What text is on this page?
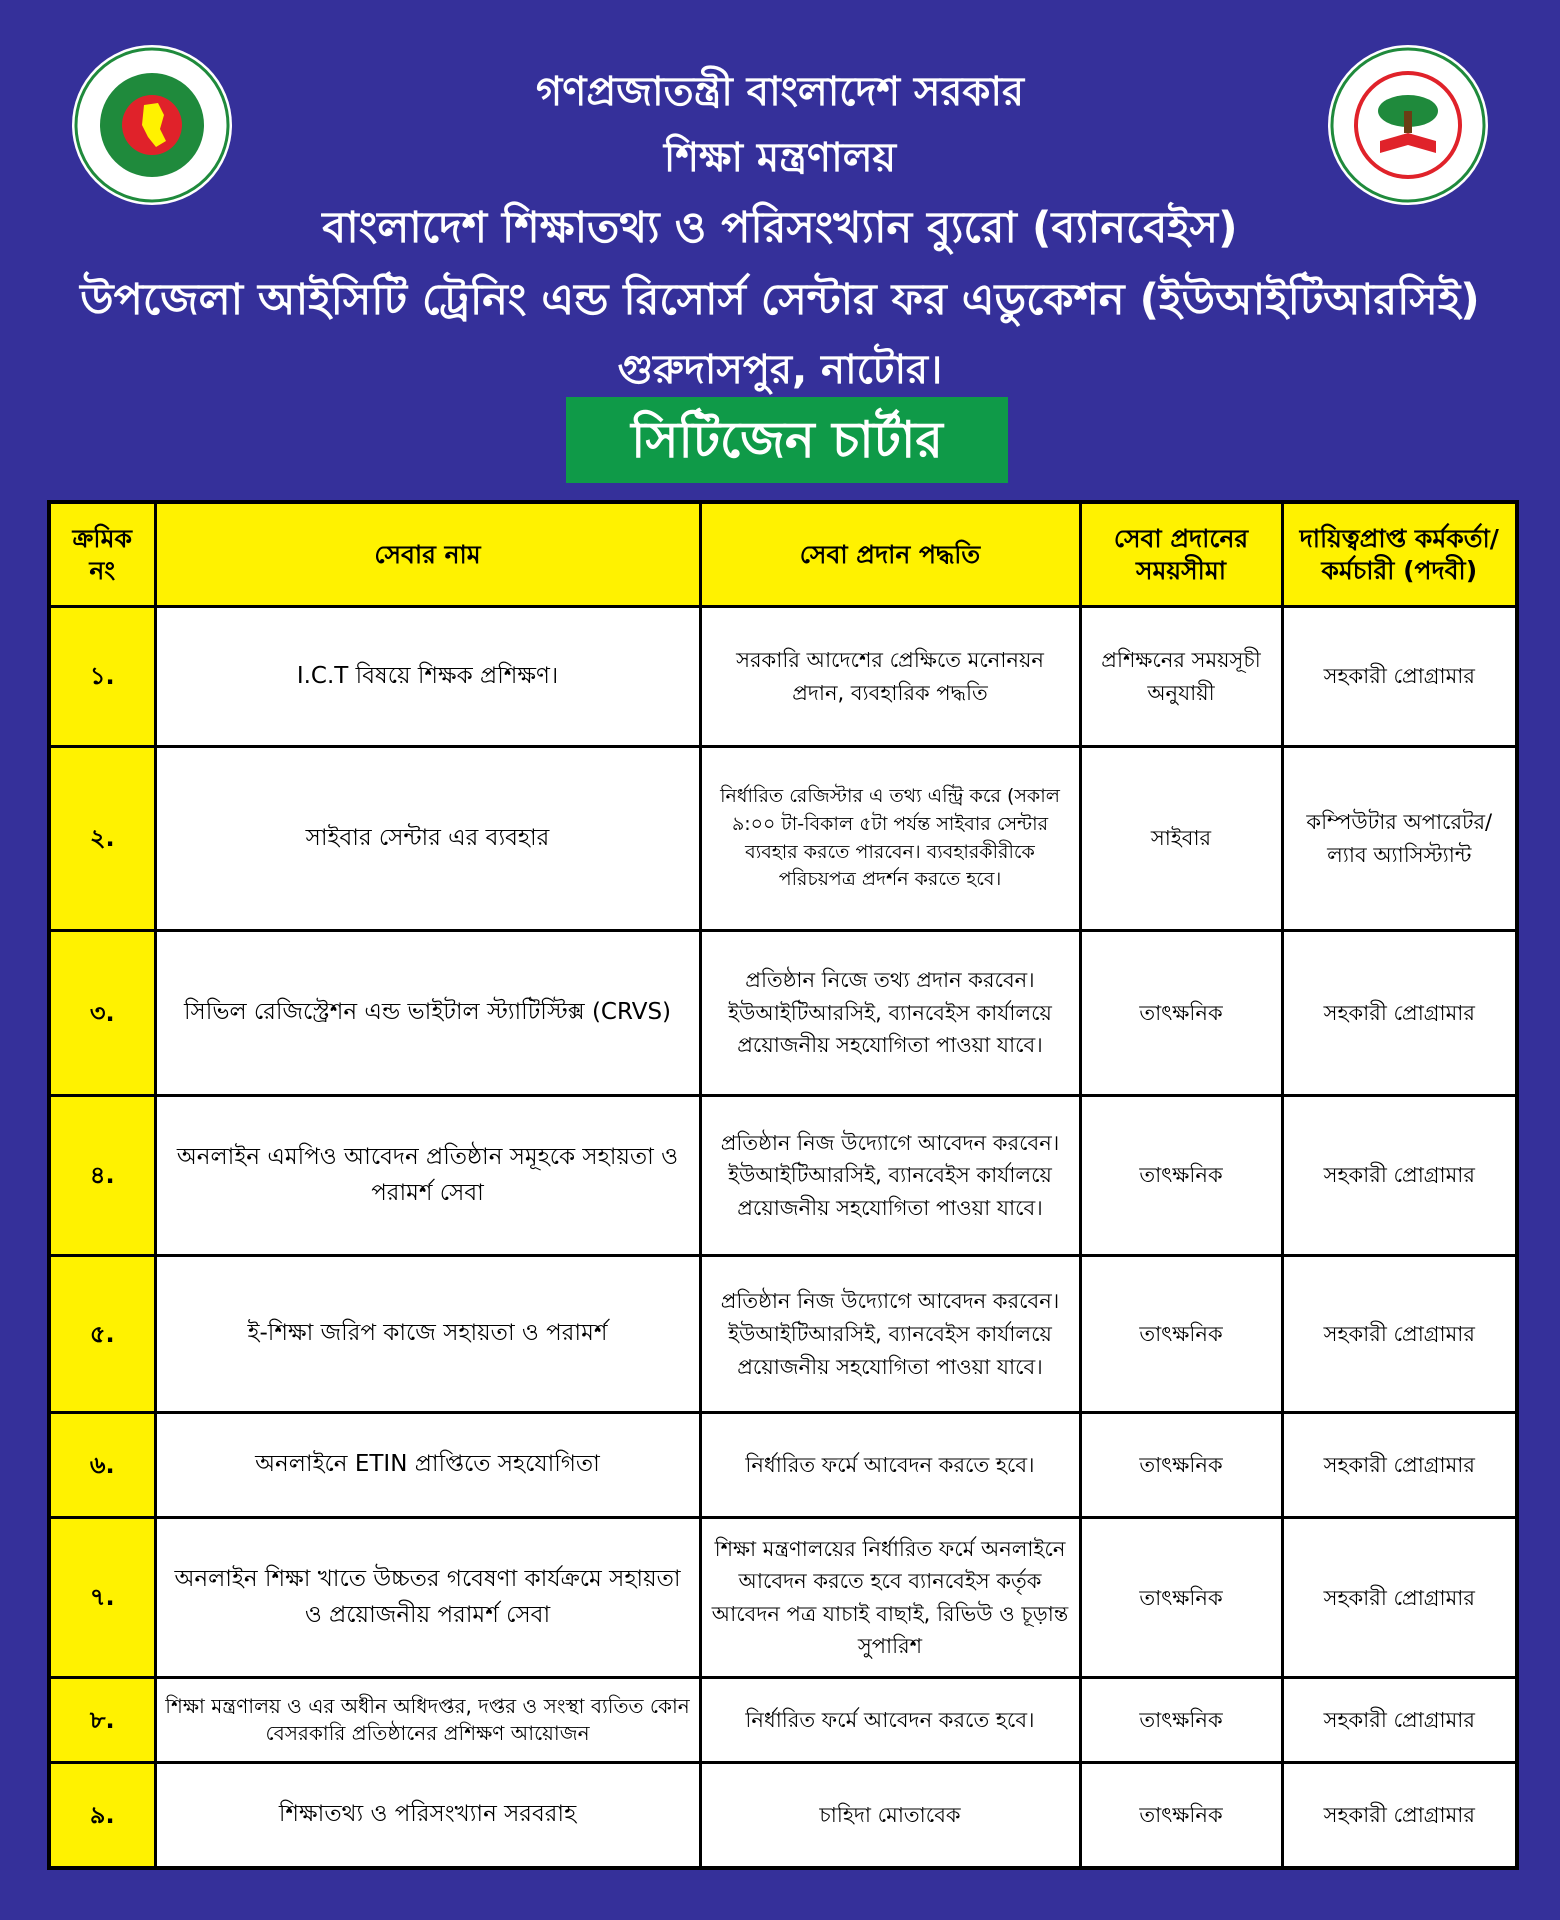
গণপ্রজাতন্ত্রী বাংলাদেশ সরকার
শিক্ষা মন্ত্রণালয়
বাংলাদেশ শিক্ষাতথ্য ও পরিসংখ্যান ব্যুরো (ব্যানবেইস)
উপজেলা আইসিটি ট্রেনিং এন্ড রিসোর্স সেন্টার ফর এডুকেশন (ইউআইটিআরসিই)
গুরুদাসপুর, নাটোর।
সিটিজেন চার্টার
ক্রমিক নং	সেবার নাম	সেবা প্রদান পদ্ধতি	সেবা প্রদানের সময়সীমা	দায়িত্বপ্রাপ্ত কর্মকর্তা/ কর্মচারী (পদবী)
১.	I.C.T বিষয়ে শিক্ষক প্রশিক্ষণ।	সরকারি আদেশের প্রেক্ষিতে মনোনয়ন প্রদান, ব্যবহারিক পদ্ধতি	প্রশিক্ষনের সময়সূচী অনুযায়ী	সহকারী প্রোগ্রামার
২.	সাইবার সেন্টার এর ব্যবহার	নির্ধারিত রেজিস্টার এ তথ্য এন্ট্রি করে (সকাল ৯:০০ টা-বিকাল ৫টা পর্যন্ত সাইবার সেন্টার ব্যবহার করতে পারবেন। ব্যবহারকীরীকে পরিচয়পত্র প্রদর্শন করতে হবে।	সাইবার	কম্পিউটার অপারেটর/ল্যাব অ্যাসিস্ট্যান্ট
৩.	সিভিল রেজিস্ট্রেশন এন্ড ভাইটাল স্ট্যাটিস্টিক্স (CRVS)	প্রতিষ্ঠান নিজে তথ্য প্রদান করবেন। ইউআইটিআরসিই, ব্যানবেইস কার্যালয়ে প্রয়োজনীয় সহযোগিতা পাওয়া যাবে।	তাৎক্ষনিক	সহকারী প্রোগ্রামার
৪.	অনলাইন এমপিও আবেদন প্রতিষ্ঠান সমূহকে সহায়তা ও পরামর্শ সেবা	প্রতিষ্ঠান নিজ উদ্যোগে আবেদন করবেন। ইউআইটিআরসিই, ব্যানবেইস কার্যালয়ে প্রয়োজনীয় সহযোগিতা পাওয়া যাবে।	তাৎক্ষনিক	সহকারী প্রোগ্রামার
৫.	ই-শিক্ষা জরিপ কাজে সহায়তা ও পরামর্শ	প্রতিষ্ঠান নিজ উদ্যোগে আবেদন করবেন। ইউআইটিআরসিই, ব্যানবেইস কার্যালয়ে প্রয়োজনীয় সহযোগিতা পাওয়া যাবে।	তাৎক্ষনিক	সহকারী প্রোগ্রামার
৬.	অনলাইনে ETIN প্রাপ্তিতে সহযোগিতা	নির্ধারিত ফর্মে আবেদন করতে হবে।	তাৎক্ষনিক	সহকারী প্রোগ্রামার
৭.	অনলাইন শিক্ষা খাতে উচ্চতর গবেষণা কার্যক্রমে সহায়তা ও প্রয়োজনীয় পরামর্শ সেবা	শিক্ষা মন্ত্রণালয়ের নির্ধারিত ফর্মে অনলাইনে আবেদন করতে হবে ব্যানবেইস কর্তৃক আবেদন পত্র যাচাই বাছাই, রিভিউ ও চূড়ান্ত সুপারিশ	তাৎক্ষনিক	সহকারী প্রোগ্রামার
৮.	শিক্ষা মন্ত্রণালয় ও এর অধীন অধিদপ্তর, দপ্তর ও সংস্থা ব্যতিত কোন বেসরকারি প্রতিষ্ঠানের প্রশিক্ষণ আয়োজন	নির্ধারিত ফর্মে আবেদন করতে হবে।	তাৎক্ষনিক	সহকারী প্রোগ্রামার
৯.	শিক্ষাতথ্য ও পরিসংখ্যান সরবরাহ	চাহিদা মোতাবেক	তাৎক্ষনিক	সহকারী প্রোগ্রামার
